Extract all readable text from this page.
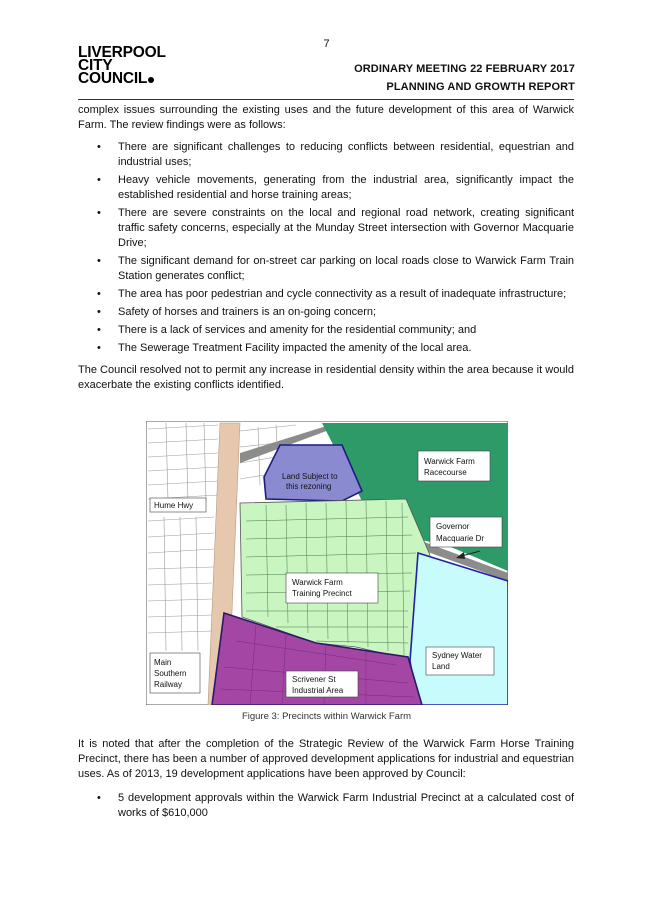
7
LIVERPOOL
CITY
COUNCIL
ORDINARY MEETING 22 FEBRUARY 2017
PLANNING AND GROWTH REPORT

complex issues surrounding the existing uses and the future development of this area of Warwick Farm. The review findings were as follows:

• There are significant challenges to reducing conflicts between residential, equestrian and industrial uses;
• Heavy vehicle movements, generating from the industrial area, significantly impact the established residential and horse training areas;
• There are severe constraints on the local and regional road network, creating significant traffic safety concerns, especially at the Munday Street intersection with Governor Macquarie Drive;
• The significant demand for on-street car parking on local roads close to Warwick Farm Train Station generates conflict;
• The area has poor pedestrian and cycle connectivity as a result of inadequate infrastructure;
• Safety of horses and trainers is an on-going concern;
• There is a lack of services and amenity for the residential community; and
• The Sewerage Treatment Facility impacted the amenity of the local area.

The Council resolved not to permit any increase in residential density within the area because it would exacerbate the existing conflicts identified.

Land Subject to
this rezoning
Warwick Farm
Racecourse
Hume Hwy
Governor
Macquarie Dr
Warwick Farm
Training Precinct
Sydney Water
Land
Main
Southern
Railway
Scrivener St
Industrial Area
Figure 3: Precincts within Warwick Farm

It is noted that after the completion of the Strategic Review of the Warwick Farm Horse Training Precinct, there has been a number of approved development applications for industrial and equestrian uses. As of 2013, 19 development applications have been approved by Council:

• 5 development approvals within the Warwick Farm Industrial Precinct at a calculated cost of works of $610,000
